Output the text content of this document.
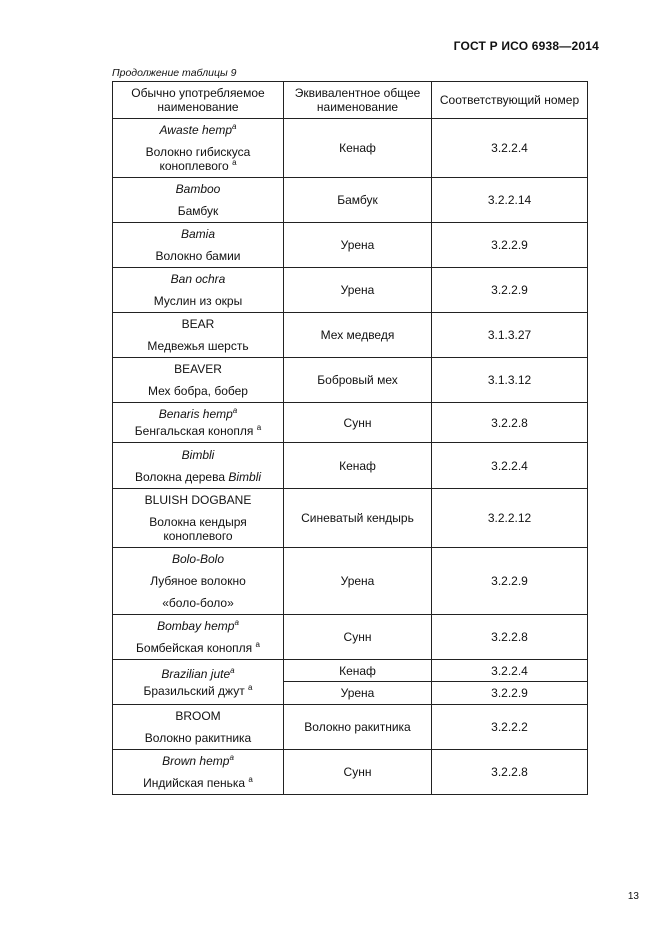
ГОСТ Р ИСО 6938—2014
Продолжение таблицы 9
Обычно употребляемое наименование	Эквивалентное общее наименование	Соответствующий номер

Awaste hemp$^a$
Волокно гибискуса коноплевого $^a$	Кенаф	3.2.2.4

Bamboo
Бамбук	Бамбук	3.2.2.14

Bamia
Волокно бамии	Урена	3.2.2.9

Ban ochra
Муслин из окры	Урена	3.2.2.9

BEAR
Медвежья шерсть	Мех медведя	3.1.3.27

BEAVER
Мех бобра, бобер	Бобровый мех	3.1.3.12

Benaris hemp$^a$
Бенгальская конопля $^a$	Сунн	3.2.2.8

Bimbli
Волокна дерева Bimbli	Кенаф	3.2.2.4

BLUISH DOGBANE
Волокна кендыря коноплевого	Синеватый кендырь	3.2.2.12

Bolo-Bolo
Лубяное волокно
«боло-боло»	Урена	3.2.2.9

Bombay hemp$^a$
Бомбейская конопля $^a$	Сунн	3.2.2.8

Brazilian jute$^a$
Бразильский джут $^a$	Кенаф	3.2.2.4
	Урена	3.2.2.9

BROOM
Волокно ракитника	Волокно ракитника	3.2.2.2

Brown hemp$^a$
Индийская пенька $^a$	Сунн	3.2.2.8
13
